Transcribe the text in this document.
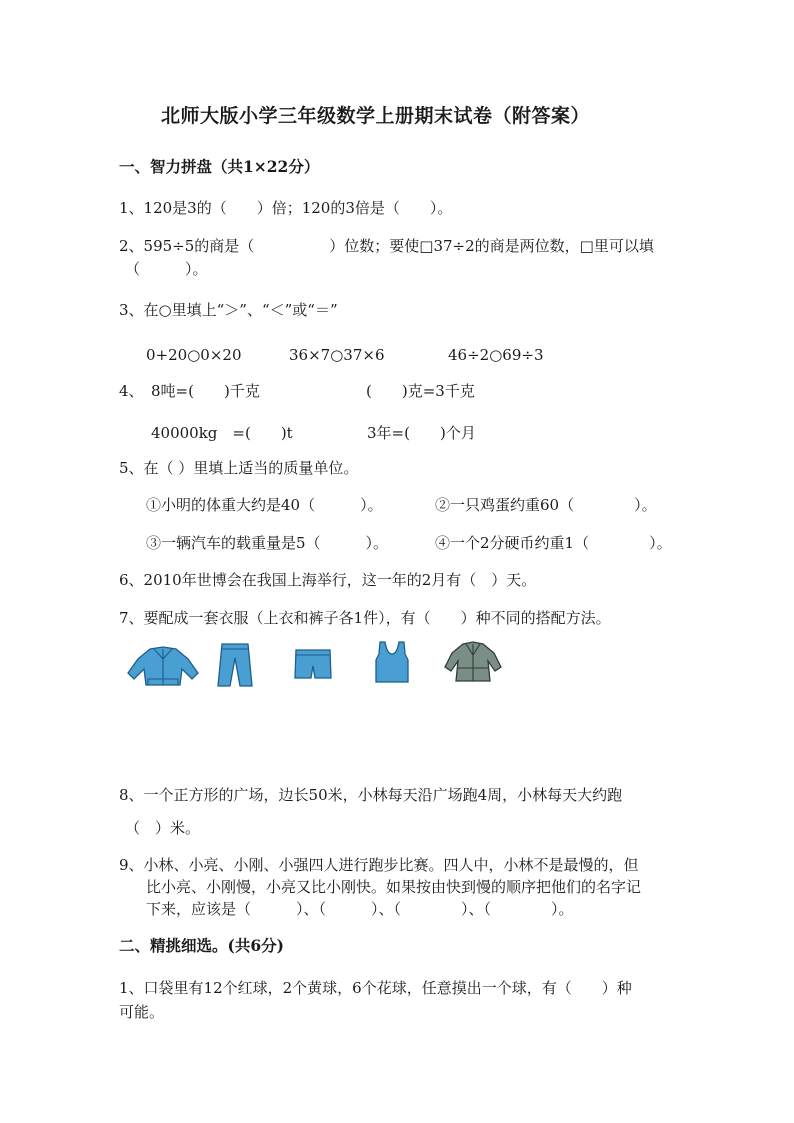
北师大版小学三年级数学上册期末试卷（附答案）
一、智力拼盘（共1×22分）
1、120是3的（　　）倍；120的3倍是（　　）。
2、595÷5的商是（　　　　　）位数；要使□37÷2的商是两位数，□里可以填
（　　　）。
3、在○里填上“＞”、“＜”或“＝”
0+20○0×20	36×7○37×6	46÷2○69÷3
4、 8吨=(　　)千克	(　　)克=3千克
40000kg　=(　　)t	3年=(　　)个月
5、在（ ）里填上适当的质量单位。
①小明的体重大约是40（　　　）。	②一只鸡蛋约重60（　　　　）。
③一辆汽车的载重量是5（　　　）。	④一个2分硬币约重1（　　　　）。
6、2010年世博会在我国上海举行，这一年的2月有（　）天。
7、要配成一套衣服（上衣和裤子各1件），有（　　）种不同的搭配方法。
8、一个正方形的广场，边长50米，小林每天沿广场跑4周，小林每天大约跑
（　）米。
9、小林、小亮、小刚、小强四人进行跑步比赛。四人中，小林不是最慢的，但
比小亮、小刚慢，小亮又比小刚快。如果按由快到慢的顺序把他们的名字记
下来，应该是（　　　）、（　　　）、（　　　　）、（　　　　）。
二、精挑细选。(共6分)
1、口袋里有12个红球，2个黄球，6个花球，任意摸出一个球，有（　　）种
可能。
